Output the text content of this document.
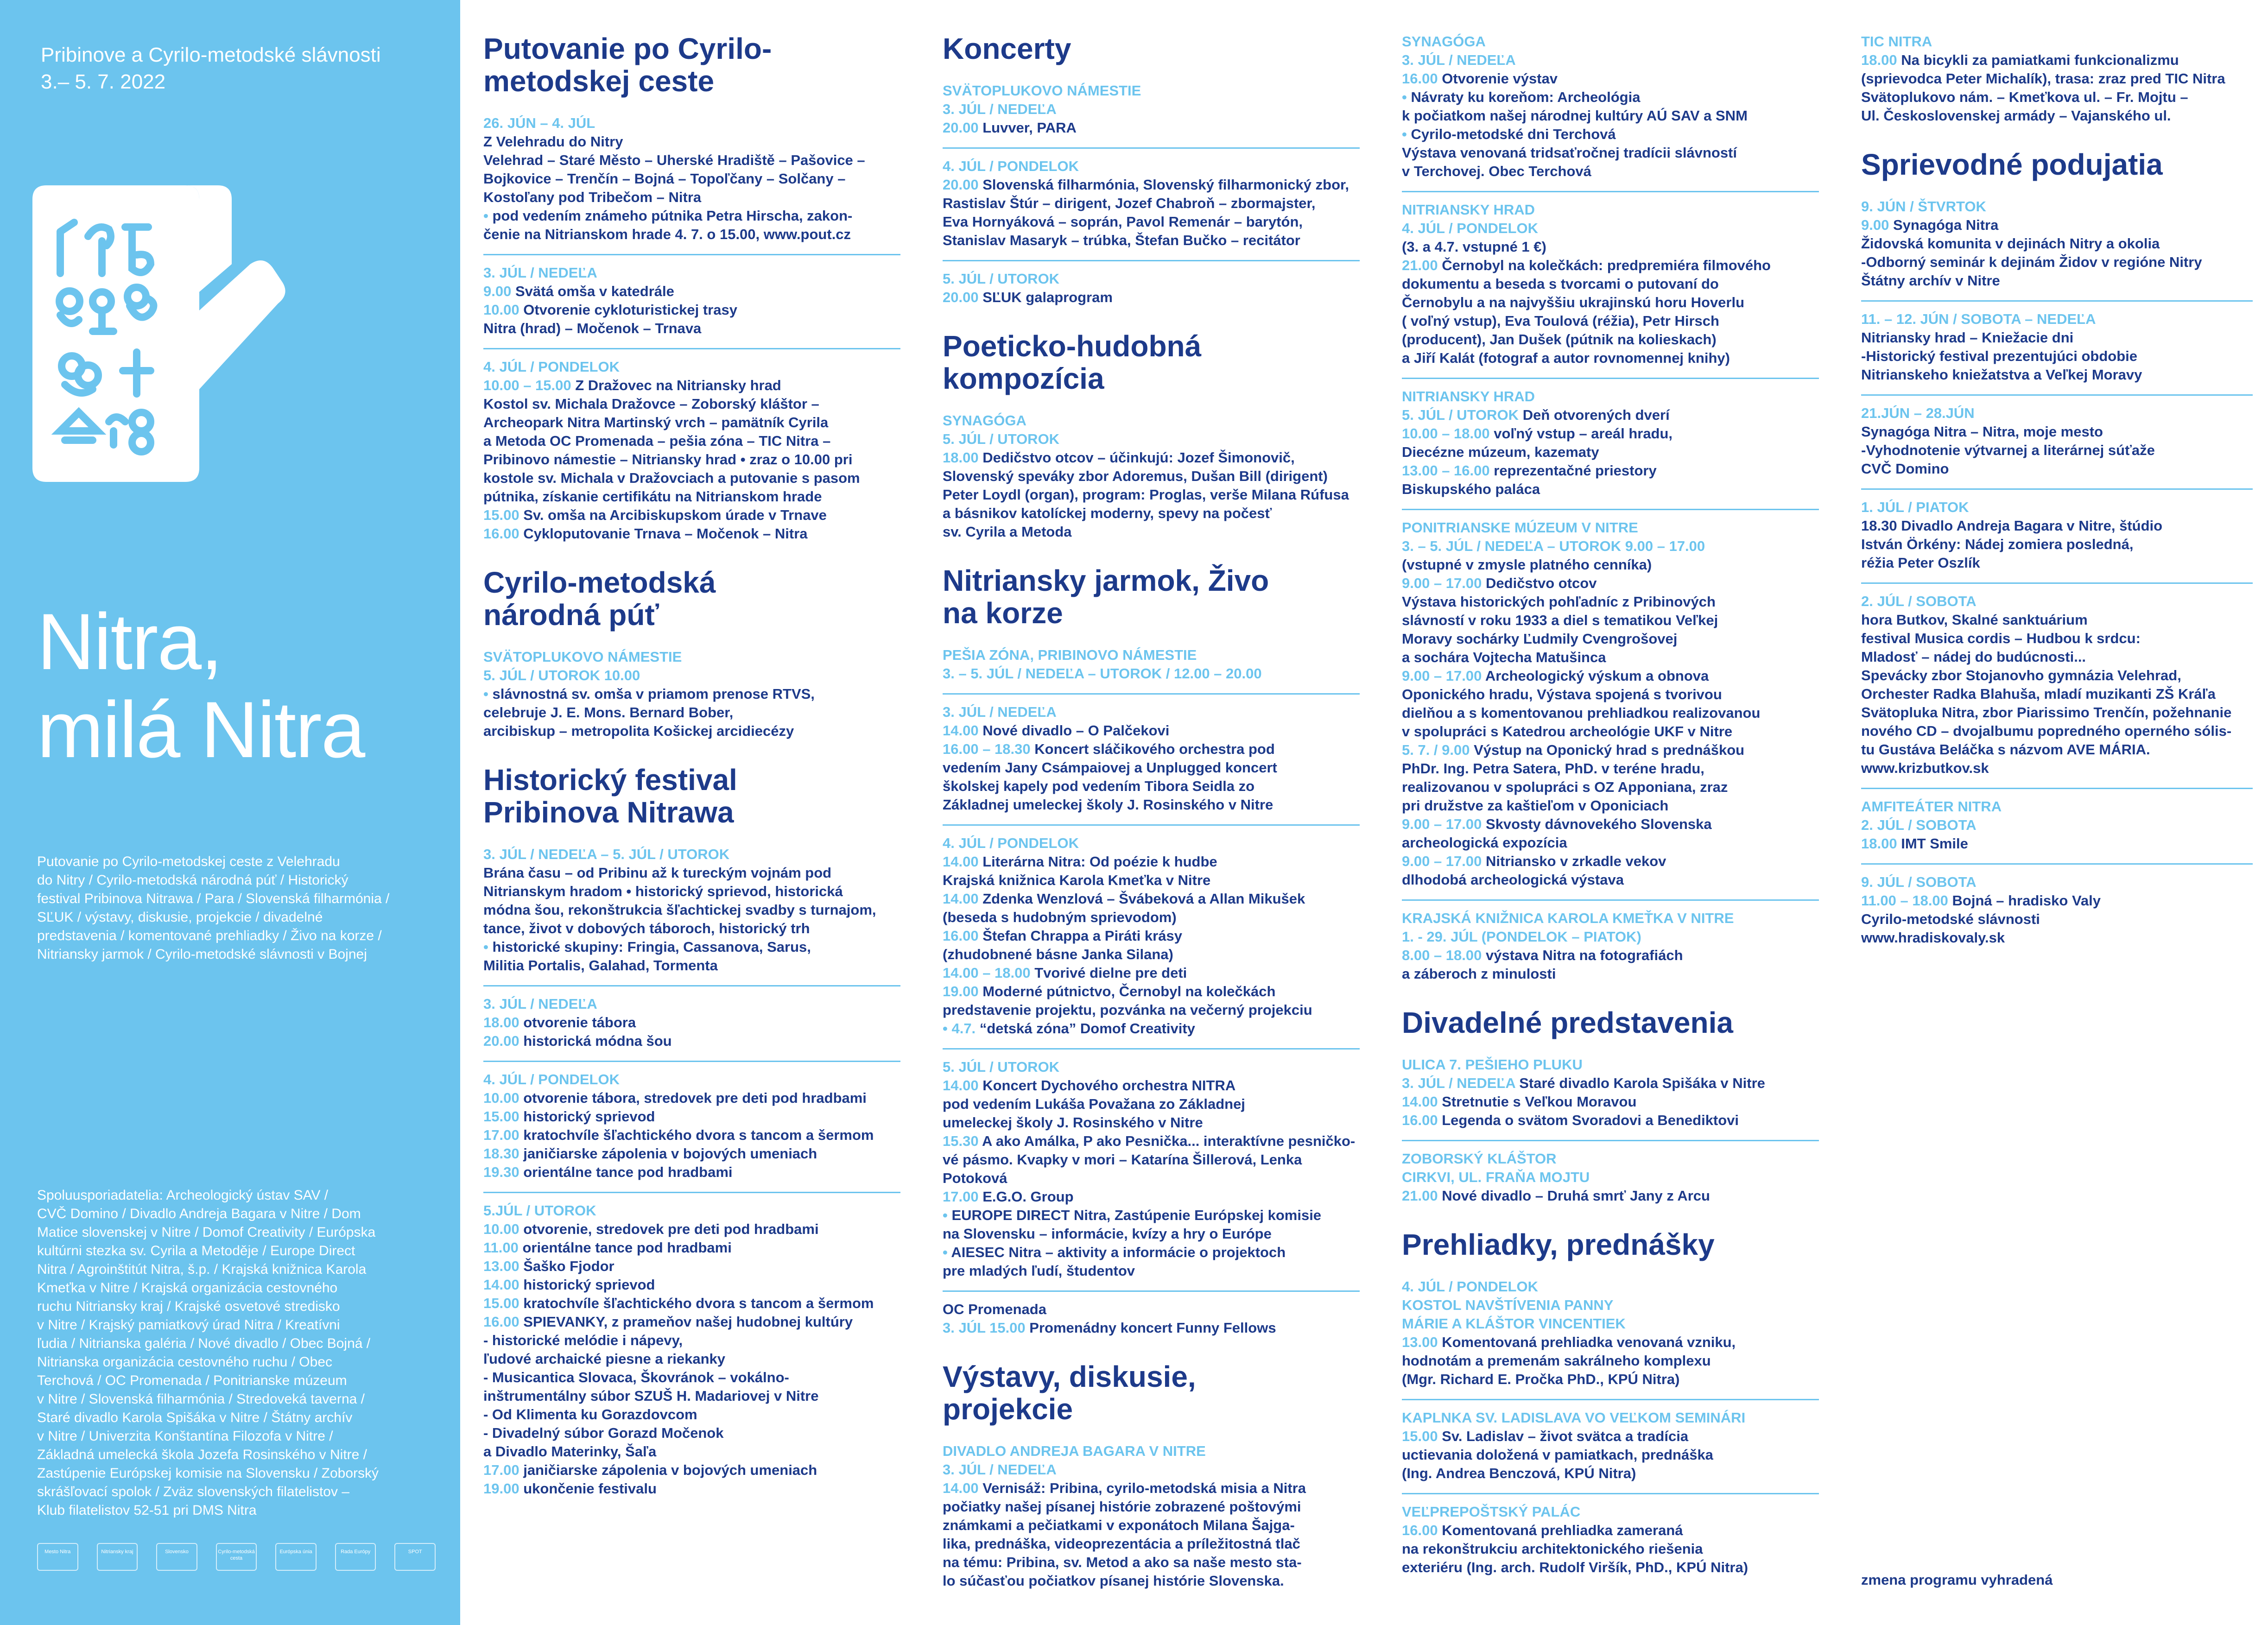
Pribinove a Cyrilo-metodské slávnosti
3.– 5. 7. 2022
Nitra,
milá Nitra
Putovanie po Cyrilo-metodskej ceste z Velehradu
do Nitry / Cyrilo-metodská národná púť / Historický
festival Pribinova Nitrawa / Para / Slovenská filharmónia /
SĽUK / výstavy, diskusie, projekcie / divadelné
predstavenia / komentované prehliadky / Živo na korze /
Nitriansky jarmok / Cyrilo-metodské slávnosti v Bojnej
Spoluusporiadatelia: Archeologický ústav SAV /
CVČ Domino / Divadlo Andreja Bagara v Nitre / Dom
Matice slovenskej v Nitre / Domof Creativity / Európska
kultúrni stezka sv. Cyrila a Metoděje / Europe Direct
Nitra / Agroinštitút Nitra, š.p. / Krajská knižnica Karola
Kmeťka v Nitre / Krajská organizácia cestovného
ruchu Nitriansky kraj / Krajské osvetové stredisko
v Nitre / Krajský pamiatkový úrad Nitra / Kreatívni
ľudia / Nitrianska galéria / Nové divadlo / Obec Bojná /
Nitrianska organizácia cestovného ruchu / Obec
Terchová / OC Promenada / Ponitrianske múzeum
v Nitre / Slovenská filharmónia / Stredoveká taverna /
Staré divadlo Karola Spišáka v Nitre / Štátny archív
v Nitre / Univerzita Konštantína Filozofa v Nitre /
Základná umelecká škola Jozefa Rosinského v Nitre /
Zastúpenie Európskej komisie na Slovensku / Zoborský
skrášľovací spolok / Zväz slovenských filatelistov –
Klub filatelistov 52-51 pri DMS Nitra
Mesto Nitra	Nitriansky kraj	Slovensko	Cyrilo-metodská cesta
Európska únia	Rada Európy	SPOT
Putovanie po Cyrilo-metodskej ceste
26. JÚN – 4. JÚL
Z Velehradu do Nitry
Velehrad – Staré Město – Uherské Hradiště – Pašovice –
Bojkovice – Trenčín – Bojná – Topoľčany – Solčany –
Kostoľany pod Tribečom – Nitra
• pod vedením známeho pútnika Petra Hirscha, zakon-
čenie na Nitrianskom hrade 4. 7. o 15.00, www.pout.cz
3. JÚL / NEDEĽA
9.00 Svätá omša v katedrále
10.00 Otvorenie cykloturistickej trasy
Nitra (hrad) – Močenok – Trnava
4. JÚL / PONDELOK
10.00 – 15.00 Z Dražovec na Nitriansky hrad
Kostol sv. Michala Dražovce – Zoborský kláštor –
Archeopark Nitra Martinský vrch – pamätník Cyrila
a Metoda OC Promenada – pešia zóna – TIC Nitra –
Pribinovo námestie – Nitriansky hrad • zraz o 10.00 pri
kostole sv. Michala v Dražovciach a putovanie s pasom
pútnika, získanie certifikátu na Nitrianskom hrade
15.00 Sv. omša na Arcibiskupskom úrade v Trnave
16.00 Cykloputovanie Trnava – Močenok – Nitra
Cyrilo-metodská národná púť
SVÄTOPLUKOVO NÁMESTIE
5. JÚL / UTOROK 10.00
• slávnostná sv. omša v priamom prenose RTVS,
celebruje J. E. Mons. Bernard Bober,
arcibiskup – metropolita Košickej arcidiecézy
Historický festival Pribinova Nitrawa
3. JÚL / NEDEĽA – 5. JÚL / UTOROK
Brána času – od Pribinu až k tureckým vojnám pod
Nitrianskym hradom • historický sprievod, historická
módna šou, rekonštrukcia šľachtickej svadby s turnajom,
tance, život v dobových táboroch, historický trh
• historické skupiny: Fringia, Cassanova, Sarus,
Militia Portalis, Galahad, Tormenta
3. JÚL / NEDEĽA
18.00 otvorenie tábora
20.00 historická módna šou
4. JÚL / PONDELOK
10.00 otvorenie tábora, stredovek pre deti pod hradbami
15.00 historický sprievod
17.00 kratochvíle šľachtického dvora s tancom a šermom
18.30 janičiarske zápolenia v bojových umeniach
19.30 orientálne tance pod hradbami
5.JÚL / UTOROK
10.00 otvorenie, stredovek pre deti pod hradbami
11.00 orientálne tance pod hradbami
13.00 Šaško Fjodor
14.00 historický sprievod
15.00 kratochvíle šľachtického dvora s tancom a šermom
16.00 SPIEVANKY, z prameňov našej hudobnej kultúry
- historické melódie i nápevy,
ľudové archaické piesne a riekanky
- Musicantica Slovaca, Škovránok – vokálno-
inštrumentálny súbor SZUŠ H. Madariovej v Nitre
- Od Klimenta ku Gorazdovcom
- Divadelný súbor Gorazd Močenok
a Divadlo Materinky, Šaľa
17.00 janičiarske zápolenia v bojových umeniach
19.00 ukončenie festivalu
Koncerty
SVÄTOPLUKOVO NÁMESTIE
3. JÚL / NEDEĽA
20.00 Luvver, PARA
4. JÚL / PONDELOK
20.00 Slovenská filharmónia, Slovenský filharmonický zbor,
Rastislav Štúr – dirigent, Jozef Chabroň – zbormajster,
Eva Hornyáková – soprán, Pavol Remenár – barytón,
Stanislav Masaryk – trúbka, Štefan Bučko – recitátor
5. JÚL / UTOROK
20.00 SĽUK galaprogram
Poeticko-hudobná kompozícia
SYNAGÓGA
5. JÚL / UTOROK
18.00 Dedičstvo otcov – účinkujú: Jozef Šimonovič,
Slovenský speváky zbor Adoremus, Dušan Bill (dirigent)
Peter Loydl (organ), program: Proglas, verše Milana Rúfusa
a básnikov katolíckej moderny, spevy na počesť
sv. Cyrila a Metoda
Nitriansky jarmok, Živo na korze
PEŠIA ZÓNA, PRIBINOVO NÁMESTIE
3. – 5. JÚL / NEDEĽA – UTOROK / 12.00 – 20.00
3. JÚL / NEDEĽA
14.00 Nové divadlo – O Palčekovi
16.00 – 18.30 Koncert sláčikového orchestra pod
vedením Jany Csámpaiovej a Unplugged koncert
školskej kapely pod vedením Tibora Seidla zo
Základnej umeleckej školy J. Rosinského v Nitre
4. JÚL / PONDELOK
14.00 Literárna Nitra: Od poézie k hudbe
Krajská knižnica Karola Kmeťka v Nitre
14.00 Zdenka Wenzlová – Švábeková a Allan Mikušek
(beseda s hudobným sprievodom)
16.00 Štefan Chrappa a Piráti krásy
(zhudobnené básne Janka Silana)
14.00 – 18.00 Tvorivé dielne pre deti
19.00 Moderné pútnictvo, Černobyl na kolečkách
predstavenie projektu, pozvánka na večerný projekciu
• 4.7. “detská zóna” Domof Creativity
5. JÚL / UTOROK
14.00 Koncert Dychového orchestra NITRA
pod vedením Lukáša Považana zo Základnej
umeleckej školy J. Rosinského v Nitre
15.30 A ako Amálka, P ako Pesnička... interaktívne pesničko-
vé pásmo. Kvapky v mori – Katarína Šillerová, Lenka Potoková
17.00 E.G.O. Group
• EUROPE DIRECT Nitra, Zastúpenie Európskej komisie
na Slovensku – informácie, kvízy a hry o Európe
• AIESEC Nitra – aktivity a informácie o projektoch
pre mladých ľudí, študentov
OC Promenada
3. JÚL 15.00 Promenádny koncert Funny Fellows
Výstavy, diskusie, projekcie
DIVADLO ANDREJA BAGARA V NITRE
3. JÚL / NEDEĽA
14.00 Vernisáž: Pribina, cyrilo-metodská misia a Nitra
počiatky našej písanej histórie zobrazené poštovými
známkami a pečiatkami v exponátoch Milana Šajga-
lika, prednáška, videoprezentácia a príležitostná tlač
na tému: Pribina, sv. Metod a ako sa naše mesto sta-
lo súčasťou počiatkov písanej histórie Slovenska.
SYNAGÓGA
3. JÚL / NEDEĽA
16.00 Otvorenie výstav
• Návraty ku koreňom: Archeológia
k počiatkom našej národnej kultúry AÚ SAV a SNM
• Cyrilo-metodské dni Terchová
Výstava venovaná tridsaťročnej tradícii slávností
v Terchovej. Obec Terchová
NITRIANSKY HRAD
4. JÚL / PONDELOK
(3. a 4.7. vstupné 1 €)
21.00 Černobyl na kolečkách: predpremiéra filmového
dokumentu a beseda s tvorcami o putovaní do
Černobylu a na najvyššiu ukrajinskú horu Hoverlu
( voľný vstup), Eva Toulová (réžia), Petr Hirsch
(producent), Jan Dušek (pútnik na kolieskach)
a Jiří Kalát (fotograf a autor rovnomennej knihy)
NITRIANSKY HRAD
5. JÚL / UTOROK Deň otvorených dverí
10.00 – 18.00 voľný vstup – areál hradu,
Diecézne múzeum, kazematy
13.00 – 16.00 reprezentačné priestory
Biskupského paláca
PONITRIANSKE MÚZEUM V NITRE
3. – 5. JÚL / NEDEĽA – UTOROK 9.00 – 17.00
(vstupné v zmysle platného cenníka)
9.00 – 17.00 Dedičstvo otcov
Výstava historických pohľadníc z Pribinových
slávností v roku 1933 a diel s tematikou Veľkej
Moravy sochárky Ľudmily Cvengrošovej
a sochára Vojtecha Matušinca
9.00 – 17.00 Archeologický výskum a obnova
Oponického hradu, Výstava spojená s tvorivou
dielňou a s komentovanou prehliadkou realizovanou
v spolupráci s Katedrou archeológie UKF v Nitre
5. 7. / 9.00 Výstup na Oponický hrad s prednáškou
PhDr. Ing. Petra Satera, PhD. v teréne hradu,
realizovanou v spolupráci s OZ Apponiana, zraz
pri družstve za kaštieľom v Oponiciach
9.00 – 17.00 Skvosty dávnovekého Slovenska
archeologická expozícia
9.00 – 17.00 Nitriansko v zrkadle vekov
dlhodobá archeologická výstava
KRAJSKÁ KNIŽNICA KAROLA KMEŤKA V NITRE
1. - 29. JÚL (PONDELOK – PIATOK)
8.00 – 18.00 výstava Nitra na fotografiách
a záberoch z minulosti
Divadelné predstavenia
ULICA 7. PEŠIEHO PLUKU
3. JÚL / NEDEĽA Staré divadlo Karola Spišáka v Nitre
14.00 Stretnutie s Veľkou Moravou
16.00 Legenda o svätom Svoradovi a Benediktovi
ZOBORSKÝ KLÁŠTOR
CIRKVI, UL. FRAŇA MOJTU
21.00 Nové divadlo – Druhá smrť Jany z Arcu
Prehliadky, prednášky
4. JÚL / PONDELOK
KOSTOL NAVŠTÍVENIA PANNY
MÁRIE A KLÁŠTOR VINCENTIEK
13.00 Komentovaná prehliadka venovaná vzniku,
hodnotám a premenám sakrálneho komplexu
(Mgr. Richard E. Pročka PhD., KPÚ Nitra)
KAPLNKA SV. LADISLAVA VO VEĽKOM SEMINÁRI
15.00 Sv. Ladislav – život svätca a tradícia
uctievania doložená v pamiatkach, prednáška
(Ing. Andrea Benczová, KPÚ Nitra)
VEĽPREPOŠTSKÝ PALÁC
16.00 Komentovaná prehliadka zameraná
na rekonštrukciu architektonického riešenia
exteriéru (Ing. arch. Rudolf Viršík, PhD., KPÚ Nitra)
TIC NITRA
18.00 Na bicykli za pamiatkami funkcionalizmu
(sprievodca Peter Michalík), trasa: zraz pred TIC Nitra
Svätoplukovo nám. – Kmeťkova ul. – Fr. Mojtu –
Ul. Československej armády – Vajanského ul.
Sprievodné podujatia
9. JÚN / ŠTVRTOK
9.00 Synagóga Nitra
Židovská komunita v dejinách Nitry a okolia
-Odborný seminár k dejinám Židov v regióne Nitry
Štátny archív v Nitre
11. – 12. JÚN / SOBOTA – NEDEĽA
Nitriansky hrad – Kniežacie dni
-Historický festival prezentujúci obdobie
Nitrianskeho kniežatstva a Veľkej Moravy
21.JÚN – 28.JÚN
Synagóga Nitra – Nitra, moje mesto
-Vyhodnotenie výtvarnej a literárnej súťaže
CVČ Domino
1. JÚL / PIATOK
18.30 Divadlo Andreja Bagara v Nitre, štúdio
István Örkény: Nádej zomiera posledná,
réžia Peter Oszlík
2. JÚL / SOBOTA
hora Butkov, Skalné sanktuárium
festival Musica cordis – Hudbou k srdcu:
Mladosť – nádej do budúcnosti...
Spevácky zbor Stojanovho gymnázia Velehrad,
Orchester Radka Blahuša, mladí muzikanti ZŠ Kráľa
Svätopluka Nitra, zbor Piarissimo Trenčín, požehnanie
nového CD – dvojalbumu popredného operného sólis-
tu Gustáva Beláčka s názvom AVE MÁRIA.
www.krizbutkov.sk
AMFITEÁTER NITRA
2. JÚL / SOBOTA
18.00 IMT Smile
9. JÚL / SOBOTA
11.00 – 18.00 Bojná – hradisko Valy
Cyrilo-metodské slávnosti
www.hradiskovaly.sk
zmena programu vyhradená
